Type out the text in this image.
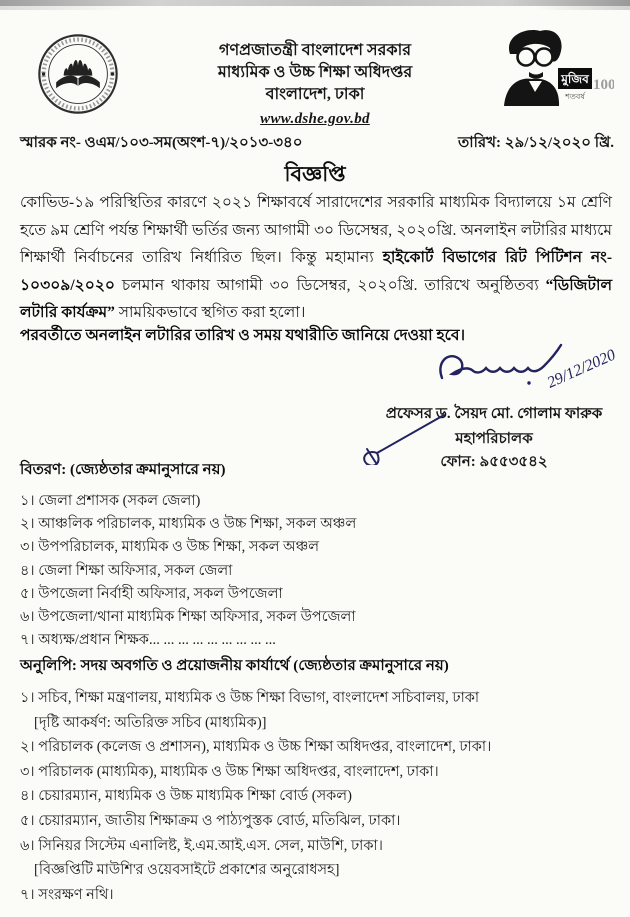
গণপ্রজাতন্ত্রী বাংলাদেশ সরকার
মাধ্যমিক ও উচ্চ শিক্ষা অধিদপ্তর
বাংলাদেশ, ঢাকা
www.dshe.gov.bd
মুজিব
শতবর্ষ
100
স্মারক নং- ওএম/১০৩-সম(অংশ-৭)/২০১৩-৩৪০	তারিখ: ২৯/১২/২০২০ খ্রি.
বিজ্ঞপ্তি

কোভিড-১৯ পরিস্থিতির কারণে ২০২১ শিক্ষাবর্ষে সারাদেশের সরকারি মাধ্যমিক বিদ্যালয়ে ১ম শ্রেণি হতে ৯ম শ্রেণি পর্যন্ত শিক্ষার্থী ভর্তির জন্য আগামী ৩০ ডিসেম্বর, ২০২০খ্রি. অনলাইন লটারির মাধ্যমে শিক্ষার্থী নির্বাচনের তারিখ নির্ধারিত ছিল। কিন্তু মহামান্য হাইকোর্ট বিভাগের রিট পিটিশন নং- ১০৩০৯/২০২০ চলমান থাকায় আগামী ৩০ ডিসেম্বর, ২০২০খ্রি. তারিখে অনুষ্ঠিতব্য “ডিজিটাল লটারি কার্যক্রম” সাময়িকভাবে স্থগিত করা হলো।

পরবর্তীতে অনলাইন লটারির তারিখ ও সময় যথারীতি জানিয়ে দেওয়া হবে।

29/12/2020
প্রফেসর ড. সৈয়দ মো. গোলাম ফারুক
মহাপরিচালক
ফোন: ৯৫৫৩৫৪২
বিতরণ: (জ্যেষ্ঠতার ক্রমানুসারে নয়)
১। জেলা প্রশাসক (সকল জেলা)
২। আঞ্চলিক পরিচালক, মাধ্যমিক ও উচ্চ শিক্ষা, সকল অঞ্চল
৩। উপপরিচালক, মাধ্যমিক ও উচ্চ শিক্ষা, সকল অঞ্চল
৪। জেলা শিক্ষা অফিসার, সকল জেলা
৫। উপজেলা নির্বাহী অফিসার, সকল উপজেলা
৬। উপজেলা/থানা মাধ্যমিক শিক্ষা অফিসার, সকল উপজেলা
৭। অধ্যক্ষ/প্রধান শিক্ষক... ... ... ... ... ... ... ... ...
অনুলিপি: সদয় অবগতি ও প্রয়োজনীয় কার্যার্থে (জ্যেষ্ঠতার ক্রমানুসারে নয়)
১। সচিব, শিক্ষা মন্ত্রণালয়, মাধ্যমিক ও উচ্চ শিক্ষা বিভাগ, বাংলাদেশ সচিবালয়, ঢাকা
[দৃষ্টি আকর্ষণ: অতিরিক্ত সচিব (মাধ্যমিক)]
২। পরিচালক (কলেজ ও প্রশাসন), মাধ্যমিক ও উচ্চ শিক্ষা অধিদপ্তর, বাংলাদেশ, ঢাকা।
৩। পরিচালক (মাধ্যমিক), মাধ্যমিক ও উচ্চ শিক্ষা অধিদপ্তর, বাংলাদেশ, ঢাকা।
৪। চেয়ারম্যান, মাধ্যমিক ও উচ্চ মাধ্যমিক শিক্ষা বোর্ড (সকল)
৫। চেয়ারম্যান, জাতীয় শিক্ষাক্রম ও পাঠ্যপুস্তক বোর্ড, মতিঝিল, ঢাকা।
৬। সিনিয়র সিস্টেম এনালিষ্ট, ই.এম.আই.এস. সেল, মাউশি, ঢাকা।
[বিজ্ঞপ্তিটি মাউশি'র ওয়েবসাইটে প্রকাশের অনুরোধসহ]
৭। সংরক্ষণ নথি।
